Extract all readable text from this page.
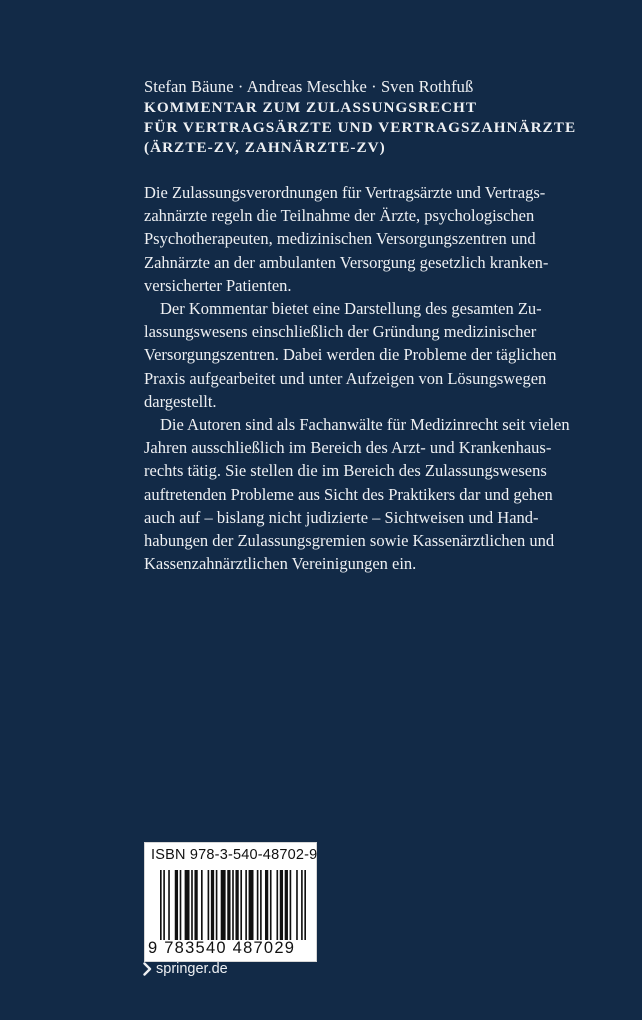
Stefan Bäune · Andreas Meschke · Sven Rothfuß
KOMMENTAR ZUM ZULASSUNGSRECHT
FÜR VERTRAGSÄRZTE UND VERTRAGSZAHNÄRZTE
(ÄRZTE-ZV, ZAHNÄRZTE-ZV)
Die Zulassungsverordnungen für Vertragsärzte und Vertrags-
zahnärzte regeln die Teilnahme der Ärzte, psychologischen
Psychotherapeuten, medizinischen Versorgungszentren und
Zahnärzte an der ambulanten Versorgung gesetzlich kranken-
versicherter Patienten.
Der Kommentar bietet eine Darstellung des gesamten Zu-
lassungswesens einschließlich der Gründung medizinischer
Versorgungszentren. Dabei werden die Probleme der täglichen
Praxis aufgearbeitet und unter Aufzeigen von Lösungswegen
dargestellt.
Die Autoren sind als Fachanwälte für Medizinrecht seit vielen
Jahren ausschließlich im Bereich des Arzt- und Krankenhaus-
rechts tätig. Sie stellen die im Bereich des Zulassungswesens
auftretenden Probleme aus Sicht des Praktikers dar und gehen
auch auf – bislang nicht judizierte – Sichtweisen und Hand-
habungen der Zulassungsgremien sowie Kassenärztlichen und
Kassenzahnärztlichen Vereinigungen ein.
ISBN 978-3-540-48702-9
9 783540 487029
springer.de
